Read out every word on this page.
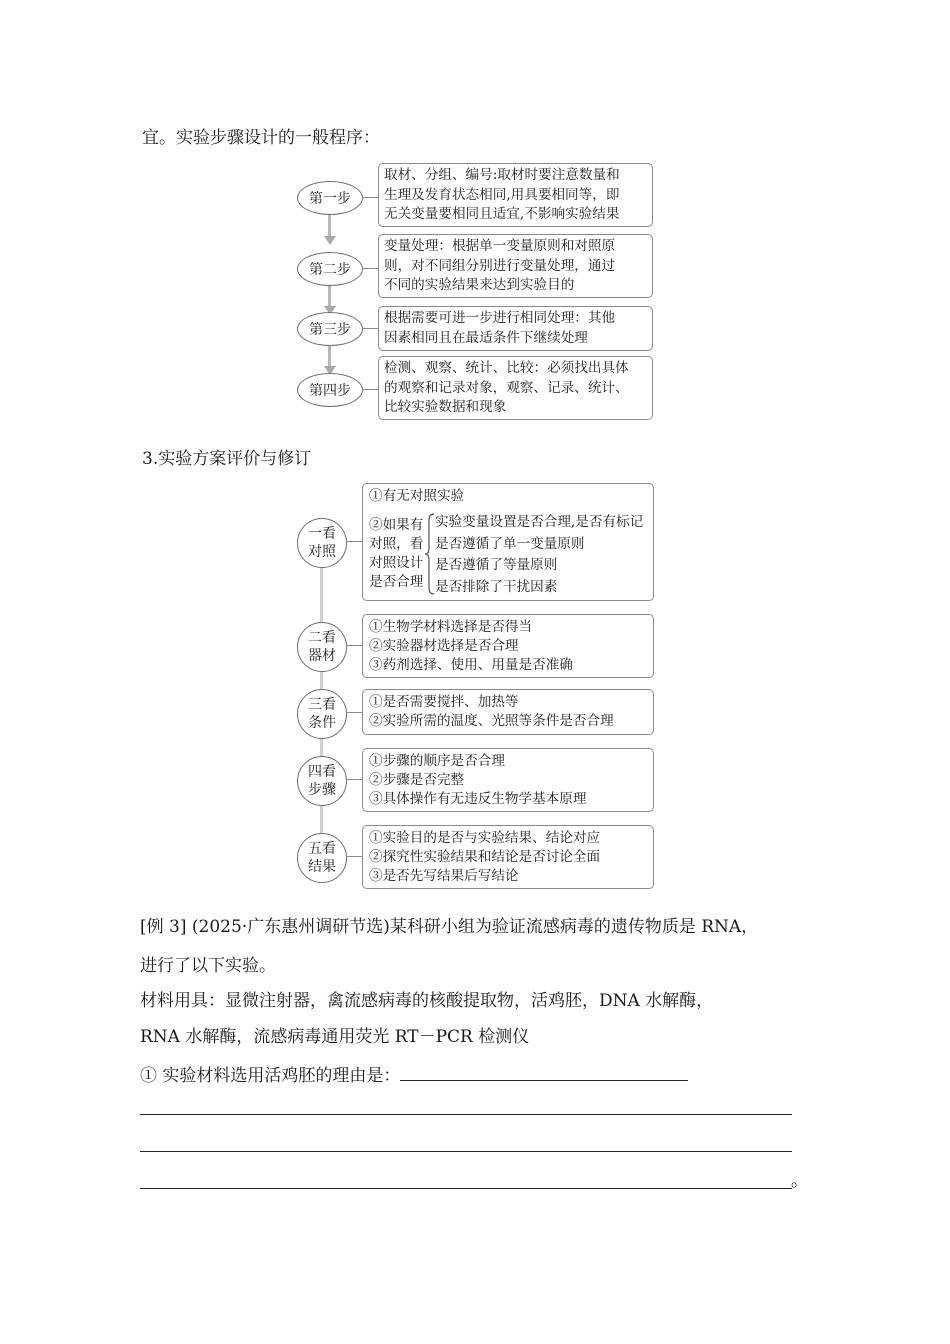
宜。实验步骤设计的一般程序：
第一步
取材、分组、编号:取材时要注意数量和
生理及发育状态相同,用具要相同等，即
无关变量要相同且适宜,不影响实验结果
第二步
变量处理：根据单一变量原则和对照原
则，对不同组分别进行变量处理，通过
不同的实验结果来达到实验目的
第三步
根据需要可进一步进行相同处理：其他
因素相同且在最适条件下继续处理
第四步
检测、观察、统计、比较：必须找出具体
的观察和记录对象，观察、记录、统计、
比较实验数据和现象
3.实验方案评价与修订
一看
对照
①有无对照实验
②如果有
对照，看
对照设计
是否合理
实验变量设置是否合理,是否有标记
是否遵循了单一变量原则
是否遵循了等量原则
是否排除了干扰因素
二看
器材
①生物学材料选择是否得当
②实验器材选择是否合理
③药剂选择、使用、用量是否准确
三看
条件
①是否需要搅拌、加热等
②实验所需的温度、光照等条件是否合理
四看
步骤
①步骤的顺序是否合理
②步骤是否完整
③具体操作有无违反生物学基本原理
五看
结果
①实验目的是否与实验结果、结论对应
②探究性实验结果和结论是否讨论全面
③是否先写结果后写结论
[例 3] (2025·广东惠州调研节选)某科研小组为验证流感病毒的遗传物质是 RNA，
进行了以下实验。
材料用具：显微注射器，禽流感病毒的核酸提取物，活鸡胚，DNA 水解酶，
RNA 水解酶，流感病毒通用荧光 RT－PCR 检测仪
① 实验材料选用活鸡胚的理由是：
。
